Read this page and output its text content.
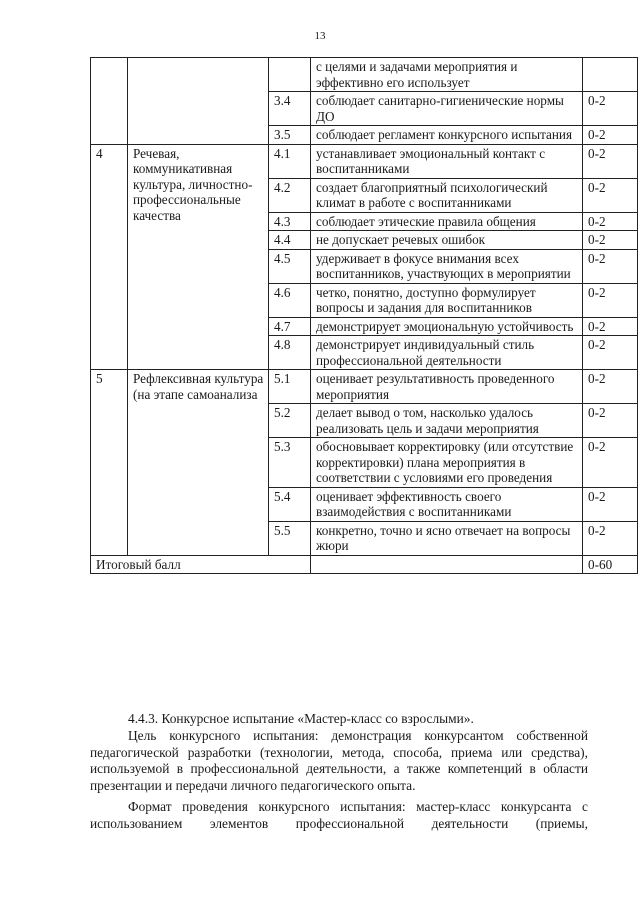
13
			с целями и задачами мероприятия и эффективно его использует	
		3.4	соблюдает санитарно-гигиенические нормы ДО	0-2
		3.5	соблюдает регламент конкурсного испытания	0-2
4	Речевая, коммуникативная культура, личностно-профессиональные качества	4.1	устанавливает эмоциональный контакт с воспитанниками	0-2
		4.2	создает благоприятный психологический климат в работе с воспитанниками	0-2
		4.3	соблюдает этические правила общения	0-2
		4.4	не допускает речевых ошибок	0-2
		4.5	удерживает в фокусе внимания всех воспитанников, участвующих в мероприятии	0-2
		4.6	четко, понятно, доступно формулирует вопросы и задания для воспитанников	0-2
		4.7	демонстрирует эмоциональную устойчивость	0-2
		4.8	демонстрирует индивидуальный стиль профессиональной деятельности	0-2
5	Рефлексивная культура (на этапе самоанализа	5.1	оценивает результативность проведенного мероприятия	0-2
		5.2	делает вывод о том, насколько удалось реализовать цель и задачи мероприятия	0-2
		5.3	обосновывает корректировку (или отсутствие корректировки) плана мероприятия в соответствии с условиями его проведения	0-2
		5.4	оценивает эффективность своего взаимодействия с воспитанниками	0-2
		5.5	конкретно, точно и ясно отвечает на вопросы жюри	0-2
Итоговый балл				0-60

4.4.3. Конкурсное испытание «Мастер-класс со взрослыми».

Цель конкурсного испытания: демонстрация конкурсантом собственной педагогической разработки (технологии, метода, способа, приема или средства), используемой в профессиональной деятельности, а также компетенций в области презентации и передачи личного педагогического опыта.

Формат проведения конкурсного испытания: мастер-класс конкурсанта с

использованием элементов профессиональной деятельности (приемы,
